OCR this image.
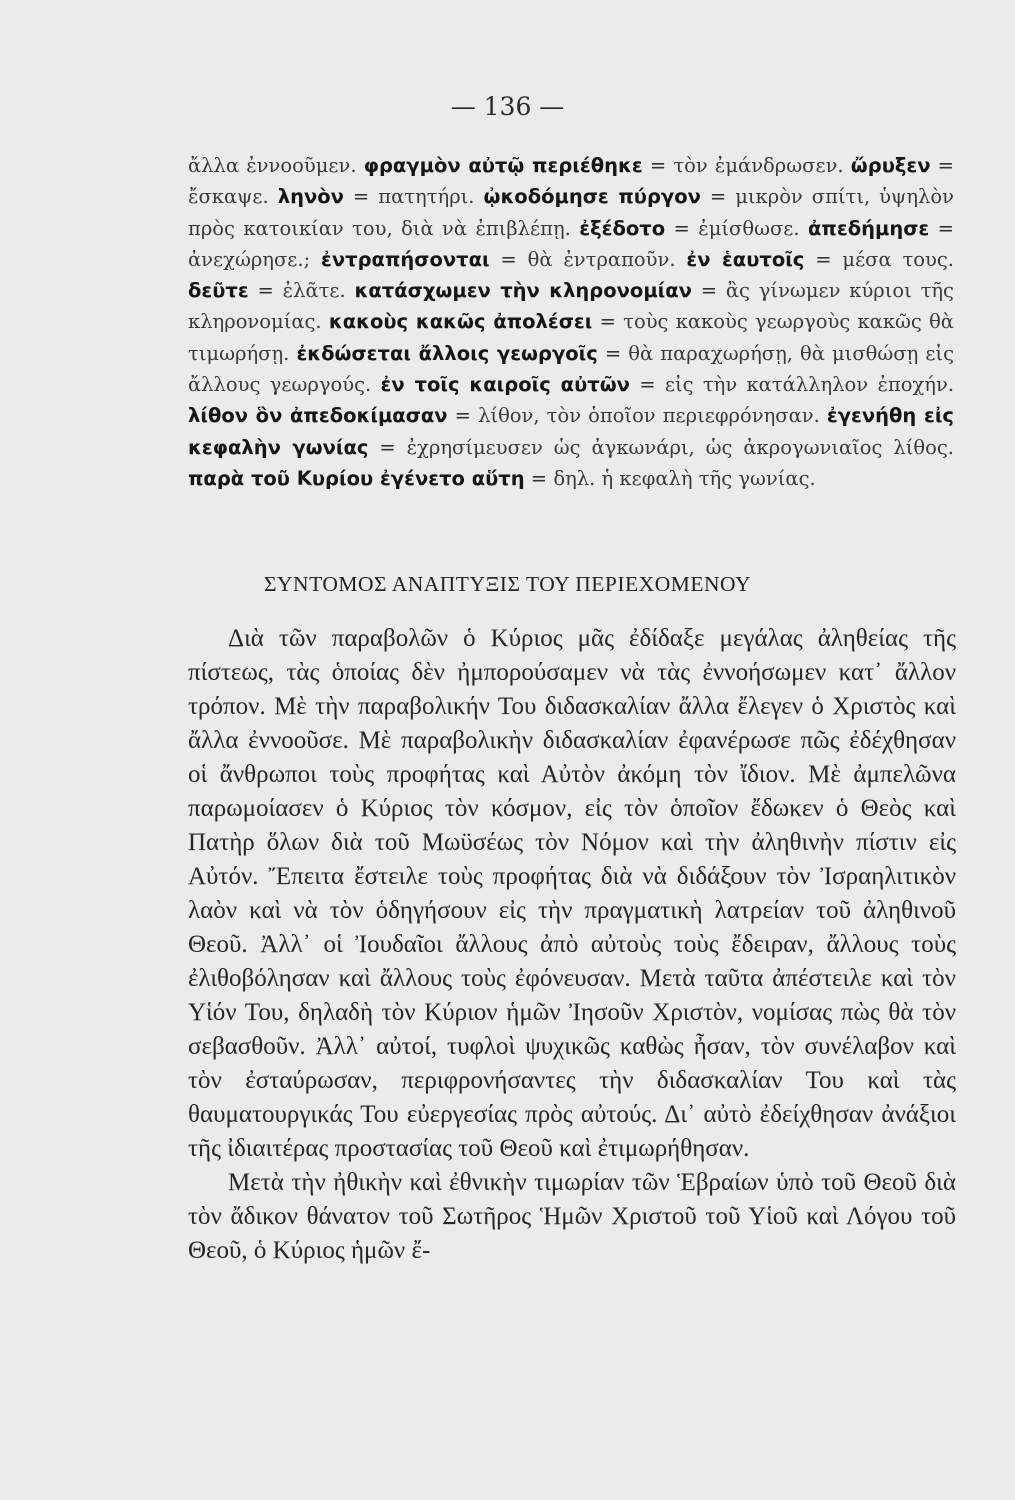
— 136 —
ἄλλα ἐννοοῦμεν. φραγμὸν αὐτῷ περιέθηκε = τὸν ἐμάνδρωσεν. ὤρυξεν = ἔσκαψε. ληνὸν = πατητήρι. ᾠκοδόμησε πύργον = μικρὸν σπίτι, ὑψηλὸν πρὸς κατοικίαν του, διὰ νὰ ἐπιβλέπῃ. ἐξέδοτο = ἐμίσθωσε. ἀπεδήμησε = ἀνεχώρησε.; ἐντραπήσονται = θὰ ἐντραποῦν. ἐν ἑαυτοῖς = μέσα τους. δεῦτε = ἐλᾶτε. κατάσχωμεν τὴν κληρονομίαν = ἂς γίνωμεν κύριοι τῆς κληρονομίας. κακοὺς κακῶς ἀπολέσει = τοὺς κακοὺς γεωργοὺς κακῶς θὰ τιμωρήσῃ. ἐκδώσεται ἄλλοις γεωργοῖς = θὰ παραχωρήσῃ, θὰ μισθώσῃ εἰς ἄλλους γεωργούς. ἐν τοῖς καιροῖς αὐτῶν = εἰς τὴν κατάλληλον ἐποχήν. λίθον ὃν ἀπεδοκίμασαν = λίθον, τὸν ὁποῖον περιεφρόνησαν. ἐγενήθη εἰς κεφαλὴν γωνίας = ἐχρησίμευσεν ὡς ἀγκωνάρι, ὡς ἀκρογωνιαῖος λίθος. παρὰ τοῦ Κυρίου ἐγένετο αὕτη = δηλ. ἡ κεφαλὴ τῆς γωνίας.
ΣΥΝΤΟΜΟΣ ΑΝΑΠΤΥΞΙΣ ΤΟΥ ΠΕΡΙΕΧΟΜΕΝΟΥ

Διὰ τῶν παραβολῶν ὁ Κύριος μᾶς ἐδίδαξε μεγάλας ἀληθείας τῆς πίστεως, τὰς ὁποίας δὲν ἠμπορούσαμεν νὰ τὰς ἐννοήσωμεν κατ᾽ ἄλλον τρόπον. Μὲ τὴν παραβολικήν Του διδασκαλίαν ἄλλα ἔλεγεν ὁ Χριστὸς καὶ ἄλλα ἐννοοῦσε. Μὲ παραβολικὴν διδασκαλίαν ἐφανέρωσε πῶς ἐδέχθησαν οἱ ἄνθρωποι τοὺς προφήτας καὶ Αὐτὸν ἀκόμη τὸν ἴδιον. Μὲ ἀμπελῶνα παρωμοίασεν ὁ Κύριος τὸν κόσμον, εἰς τὸν ὁποῖον ἔδωκεν ὁ Θεὸς καὶ Πατὴρ ὅλων διὰ τοῦ Μωϋσέως τὸν Νόμον καὶ τὴν ἀληθινὴν πίστιν εἰς Αὐτόν. Ἔπειτα ἔστειλε τοὺς προφήτας διὰ νὰ διδάξουν τὸν Ἰσραηλιτικὸν λαὸν καὶ νὰ τὸν ὁδηγήσουν εἰς τὴν πραγματικὴ λατρείαν τοῦ ἀληθινοῦ Θεοῦ. Ἀλλ᾽ οἱ Ἰουδαῖοι ἄλλους ἀπὸ αὐτοὺς τοὺς ἔδειραν, ἄλλους τοὺς ἐλιθοβόλησαν καὶ ἄλλους τοὺς ἐφόνευσαν. Μετὰ ταῦτα ἀπέστειλε καὶ τὸν Υἱόν Του, δηλαδὴ τὸν Κύριον ἡμῶν Ἰησοῦν Χριστὸν, νομίσας πὼς θὰ τὸν σεβασθοῦν. Ἀλλ᾽ αὐτοί, τυφλοὶ ψυχικῶς καθὼς ἦσαν, τὸν συνέλαβον καὶ τὸν ἐσταύρωσαν, περιφρονήσαντες τὴν διδασκαλίαν Του καὶ τὰς θαυματουργικάς Του εὐεργεσίας πρὸς αὐτούς. Δι᾽ αὐτὸ ἐδείχθησαν ἀνάξιοι τῆς ἰδιαιτέρας προστασίας τοῦ Θεοῦ καὶ ἐτιμωρήθησαν.

Μετὰ τὴν ἠθικὴν καὶ ἐθνικὴν τιμωρίαν τῶν Ἑβραίων ὑπὸ τοῦ Θεοῦ διὰ τὸν ἄδικον θάνατον τοῦ Σωτῆρος Ἡμῶν Χριστοῦ τοῦ Υἱοῦ καὶ Λόγου τοῦ Θεοῦ, ὁ Κύριος ἡμῶν ἔ-
